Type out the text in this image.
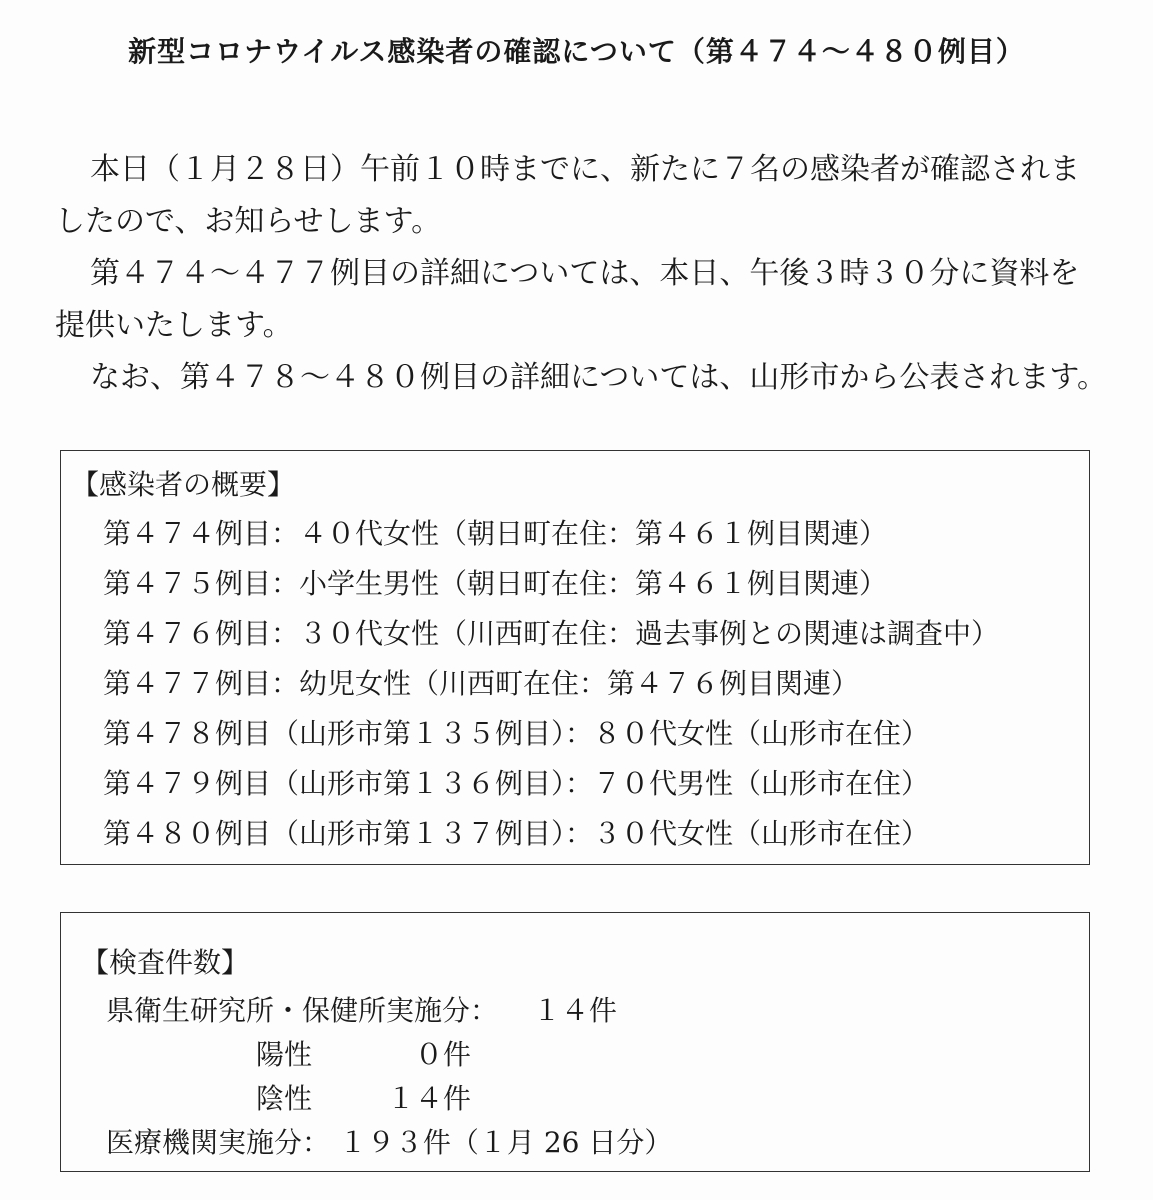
新型コロナウイルス感染者の確認について（第４７４～４８０例目）
本日（１月２８日）午前１０時までに、新たに７名の感染者が確認されま
したので、お知らせします。
第４７４～４７７例目の詳細については、本日、午後３時３０分に資料を
提供いたします。
なお、第４７８～４８０例目の詳細については、山形市から公表されます。
【感染者の概要】
第４７４例目：４０代女性（朝日町在住：第４６１例目関連）
第４７５例目：小学生男性（朝日町在住：第４６１例目関連）
第４７６例目：３０代女性（川西町在住：過去事例との関連は調査中）
第４７７例目：幼児女性（川西町在住：第４７６例目関連）
第４７８例目（山形市第１３５例目）：８０代女性（山形市在住）
第４７９例目（山形市第１３６例目）：７０代男性（山形市在住）
第４８０例目（山形市第１３７例目）：３０代女性（山形市在住）
【検査件数】
県衛生研究所・保健所実施分： １４件
陽性	０件
陰性	１４件
医療機関実施分： １９３件（１月 26 日分）
